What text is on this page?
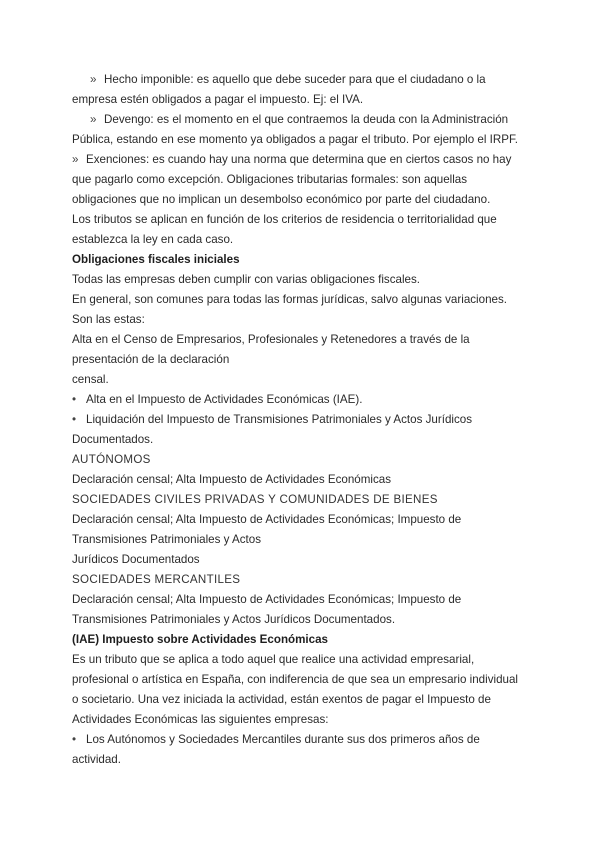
» Hecho imponible: es aquello que debe suceder para que el ciudadano o la
empresa estén obligados a pagar el impuesto. Ej: el IVA.
» Devengo: es el momento en el que contraemos la deuda con la Administración
Pública, estando en ese momento ya obligados a pagar el tributo. Por ejemplo el IRPF.
» Exenciones: es cuando hay una norma que determina que en ciertos casos no hay
que pagarlo como excepción. Obligaciones tributarias formales: son aquellas
obligaciones que no implican un desembolso económico por parte del ciudadano.
Los tributos se aplican en función de los criterios de residencia o territorialidad que
establezca la ley en cada caso.
Obligaciones fiscales iniciales
Todas las empresas deben cumplir con varias obligaciones fiscales.
En general, son comunes para todas las formas jurídicas, salvo algunas variaciones.
Son las estas:
Alta en el Censo de Empresarios, Profesionales y Retenedores a través de la
presentación de la declaración
censal.
• Alta en el Impuesto de Actividades Económicas (IAE).
• Liquidación del Impuesto de Transmisiones Patrimoniales y Actos Jurídicos
Documentados.
AUTÓNOMOS
Declaración censal; Alta Impuesto de Actividades Económicas
SOCIEDADES CIVILES PRIVADAS Y COMUNIDADES DE BIENES
Declaración censal; Alta Impuesto de Actividades Económicas; Impuesto de
Transmisiones Patrimoniales y Actos
Jurídicos Documentados
SOCIEDADES MERCANTILES
Declaración censal; Alta Impuesto de Actividades Económicas; Impuesto de
Transmisiones Patrimoniales y Actos Jurídicos Documentados.
(IAE) Impuesto sobre Actividades Económicas
Es un tributo que se aplica a todo aquel que realice una actividad empresarial,
profesional o artística en España, con indiferencia de que sea un empresario individual
o societario. Una vez iniciada la actividad, están exentos de pagar el Impuesto de
Actividades Económicas las siguientes empresas:
• Los Autónomos y Sociedades Mercantiles durante sus dos primeros años de
actividad.
